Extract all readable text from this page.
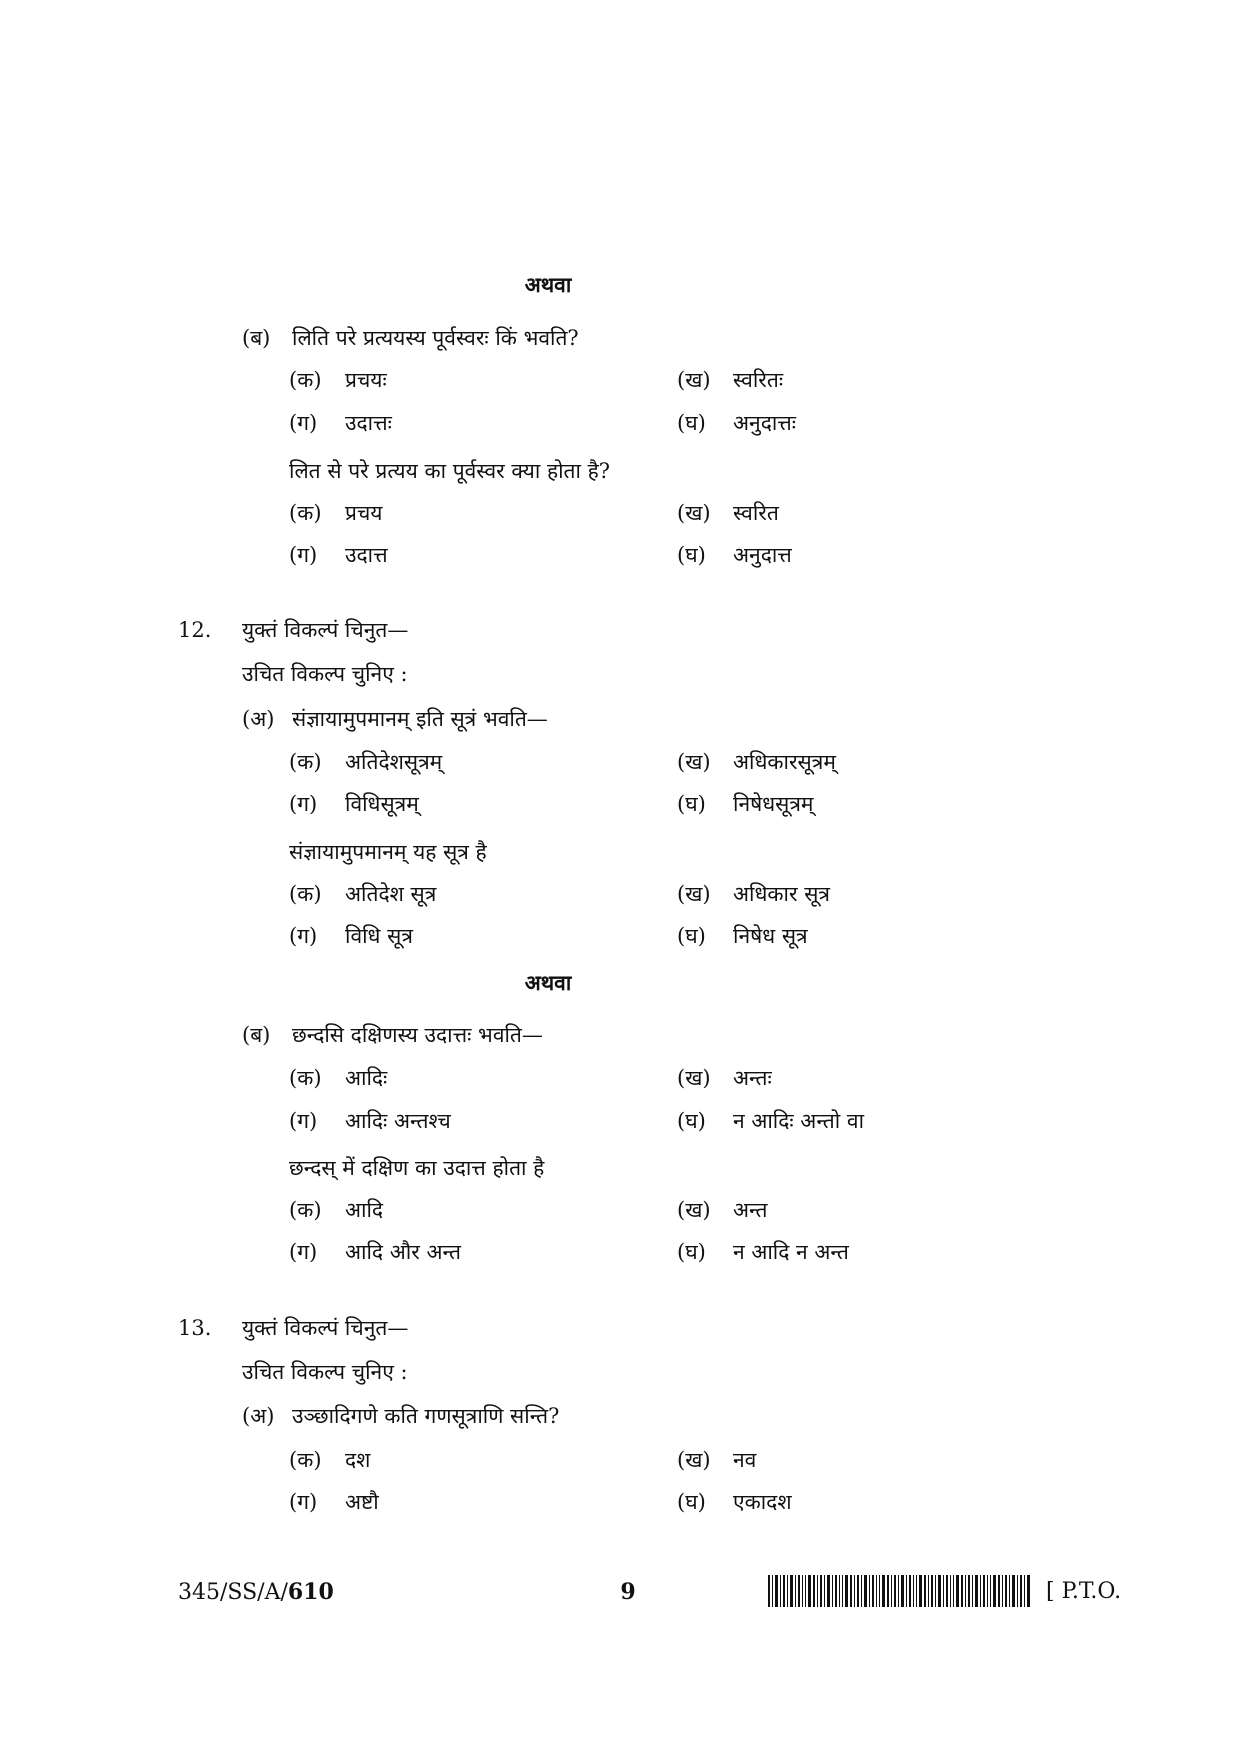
अथवा
(ब) लिति परे प्रत्ययस्य पूर्वस्वरः किं भवति?
(क) प्रचयः	(ख) स्वरितः
(ग) उदात्तः	(घ) अनुदात्तः
लित से परे प्रत्यय का पूर्वस्वर क्या होता है?
(क) प्रचय	(ख) स्वरित
(ग) उदात्त	(घ) अनुदात्त
12. युक्तं विकल्पं चिनुत—
उचित विकल्प चुनिए :
(अ) संज्ञायामुपमानम् इति सूत्रं भवति—
(क) अतिदेशसूत्रम्	(ख) अधिकारसूत्रम्
(ग) विधिसूत्रम्	(घ) निषेधसूत्रम्
संज्ञायामुपमानम् यह सूत्र है
(क) अतिदेश सूत्र	(ख) अधिकार सूत्र
(ग) विधि सूत्र	(घ) निषेध सूत्र
अथवा
(ब) छन्दसि दक्षिणस्य उदात्तः भवति—
(क) आदिः	(ख) अन्तः
(ग) आदिः अन्तश्च	(घ) न आदिः अन्तो वा
छन्दस् में दक्षिण का उदात्त होता है
(क) आदि	(ख) अन्त
(ग) आदि और अन्त	(घ) न आदि न अन्त
13. युक्तं विकल्पं चिनुत—
उचित विकल्प चुनिए :
(अ) उञ्छादिगणे कति गणसूत्राणि सन्ति?
(क) दश	(ख) नव
(ग) अष्टौ	(घ) एकादश
345/SS/A/610	9	[ P.T.O.
